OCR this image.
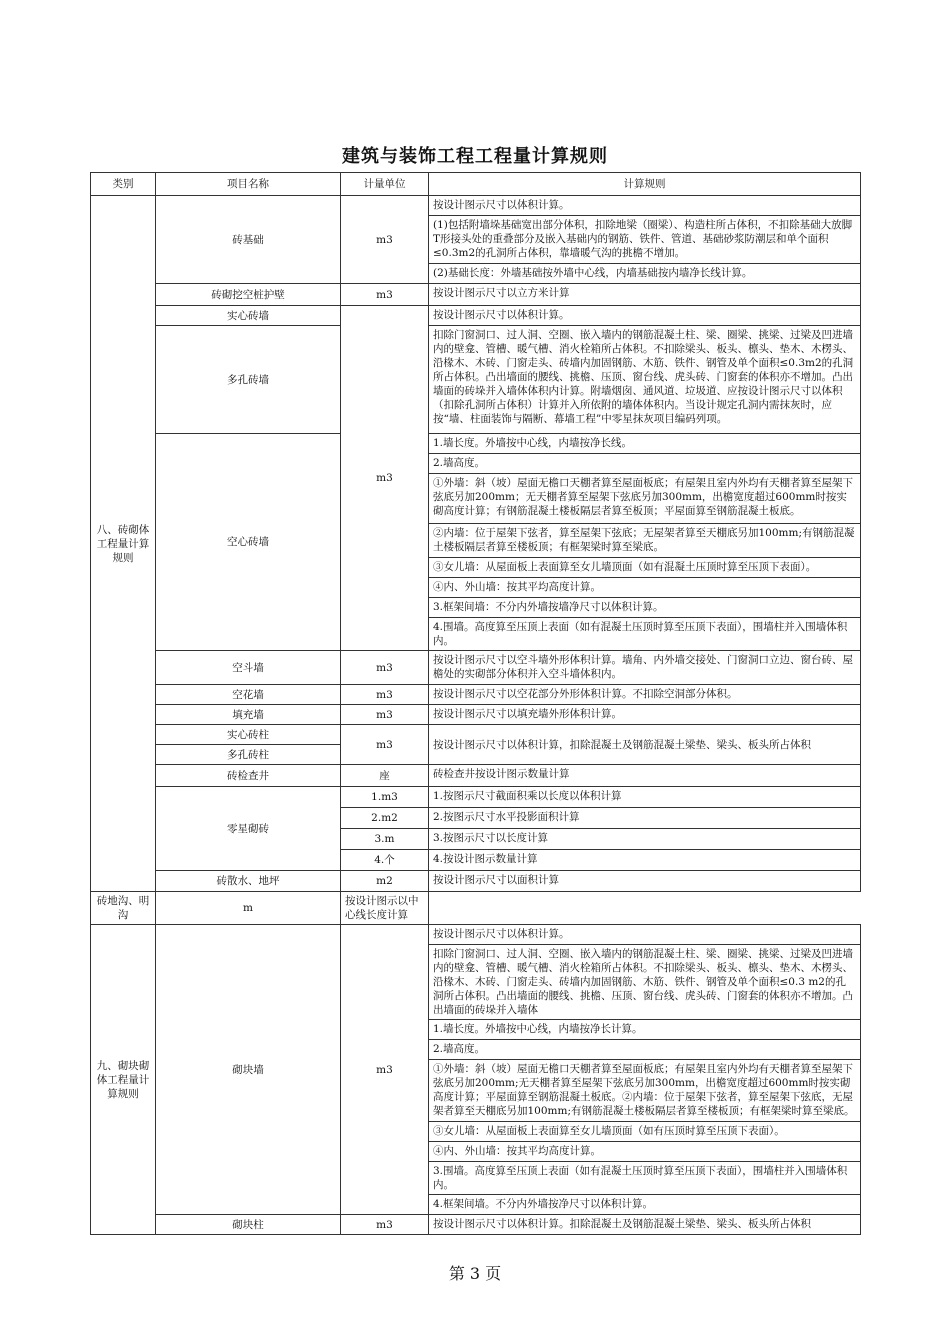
建筑与装饰工程工程量计算规则
类别	项目名称	计量单位	计算规则
八、砖砌体工程量计算规则	砖基础	m3	按设计图示尺寸以体积计算。
			(1)包括附墙垛基础宽出部分体积，扣除地梁（圈梁）、构造柱所占体积，不扣除基础大放脚T形接头处的重叠部分及嵌入基础内的钢筋、铁件、管道、基础砂浆防潮层和单个面积≤0.3m2的孔洞所占体积，靠墙暖气沟的挑檐不增加。
			(2)基础长度：外墙基础按外墙中心线，内墙基础按内墙净长线计算。
	砖砌挖空桩护壁	m3	按设计图示尺寸以立方米计算
	实心砖墙	m3	按设计图示尺寸以体积计算。
	多孔砖墙		扣除门窗洞口、过人洞、空圈、嵌入墙内的钢筋混凝土柱、梁、圈梁、挑梁、过梁及凹进墙内的壁龛、管槽、暖气槽、消火栓箱所占体积。不扣除梁头、板头、檩头、垫木、木楞头、沿椽木、木砖、门窗走头、砖墙内加固钢筋、木筋、铁件、钢管及单个面积≤0.3m2的孔洞所占体积。凸出墙面的腰线、挑檐、压顶、窗台线、虎头砖、门窗套的体积亦不增加。凸出墙面的砖垛并入墙体体积内计算。附墙烟囱、通风道、垃圾道、应按设计图示尺寸以体积（扣除孔洞所占体积）计算并入所依附的墙体体积内。当设计规定孔洞内需抹灰时，应按“墙、柱面装饰与隔断、幕墙工程”中零星抹灰项目编码列项。
	空心砖墙		1.墙长度。外墙按中心线，内墙按净长线。
			2.墙高度。
			①外墙：斜（坡）屋面无檐口天棚者算至屋面板底；有屋架且室内外均有天棚者算至屋架下弦底另加200mm；无天棚者算至屋架下弦底另加300mm，出檐宽度超过600mm时按实砌高度计算；有钢筋混凝土楼板隔层者算至板顶；平屋面算至钢筋混凝土板底。
			②内墙：位于屋架下弦者，算至屋架下弦底；无屋架者算至天棚底另加100mm;有钢筋混凝土楼板隔层者算至楼板顶；有框架梁时算至梁底。
			③女儿墙：从屋面板上表面算至女儿墙顶面（如有混凝土压顶时算至压顶下表面）。
			④内、外山墙：按其平均高度计算。
			3.框架间墙：不分内外墙按墙净尺寸以体积计算。
			4.围墙。高度算至压顶上表面（如有混凝土压顶时算至压顶下表面），围墙柱并入围墙体积内。
	空斗墙	m3	按设计图示尺寸以空斗墙外形体积计算。墙角、内外墙交接处、门窗洞口立边、窗台砖、屋檐处的实砌部分体积并入空斗墙体积内。
	空花墙	m3	按设计图示尺寸以空花部分外形体积计算。不扣除空洞部分体积。
	填充墙	m3	按设计图示尺寸以填充墙外形体积计算。
	实心砖柱	m3	按设计图示尺寸以体积计算，扣除混凝土及钢筋混凝土梁垫、梁头、板头所占体积
	多孔砖柱		
	砖检查井	座	砖检查井按设计图示数量计算
	零星砌砖	1.m3	1.按图示尺寸截面积乘以长度以体积计算
		2.m2	2.按图示尺寸水平投影面积计算
		3.m	3.按图示尺寸以长度计算
		4.个	4.按设计图示数量计算
	砖散水、地坪	m2	按设计图示尺寸以面积计算
砖地沟、明沟	m	按设计图示以中心线长度计算	
九、砌块砌体工程量计算规则	砌块墙	m3	按设计图示尺寸以体积计算。
			扣除门窗洞口、过人洞、空圈、嵌入墙内的钢筋混凝土柱、梁、圈梁、挑梁、过梁及凹进墙内的壁龛、管槽、暖气槽、消火栓箱所占体积。不扣除梁头、板头、檩头、垫木、木楞头、沿椽木、木砖、门窗走头、砖墙内加固钢筋、木筋、铁件、钢管及单个面积≤0.3 m2的孔洞所占体积。凸出墙面的腰线、挑檐、压顶、窗台线、虎头砖、门窗套的体积亦不增加。凸出墙面的砖垛并入墙体
			1.墙长度。外墙按中心线，内墙按净长计算。
			2.墙高度。
			①外墙：斜（坡）屋面无檐口天棚者算至屋面板底；有屋架且室内外均有天棚者算至屋架下弦底另加200mm;无天棚者算至屋架下弦底另加300mm，出檐宽度超过600mm时按实砌高度计算；平屋面算至钢筋混凝土板底。②内墙：位于屋架下弦者，算至屋架下弦底，无屋架者算至天棚底另加100mm;有钢筋混凝土楼板隔层者算至楼板顶；有框架梁时算至梁底。
			③女儿墙：从屋面板上表面算至女儿墙顶面（如有压顶时算至压顶下表面）。
			④内、外山墙：按其平均高度计算。
			3.围墙。高度算至压顶上表面（如有混凝土压顶时算至压顶下表面），围墙柱并入围墙体积内。
			4.框架间墙。不分内外墙按净尺寸以体积计算。
	砌块柱	m3	按设计图示尺寸以体积计算。扣除混凝土及钢筋混凝土梁垫、梁头、板头所占体积
第 3 页
